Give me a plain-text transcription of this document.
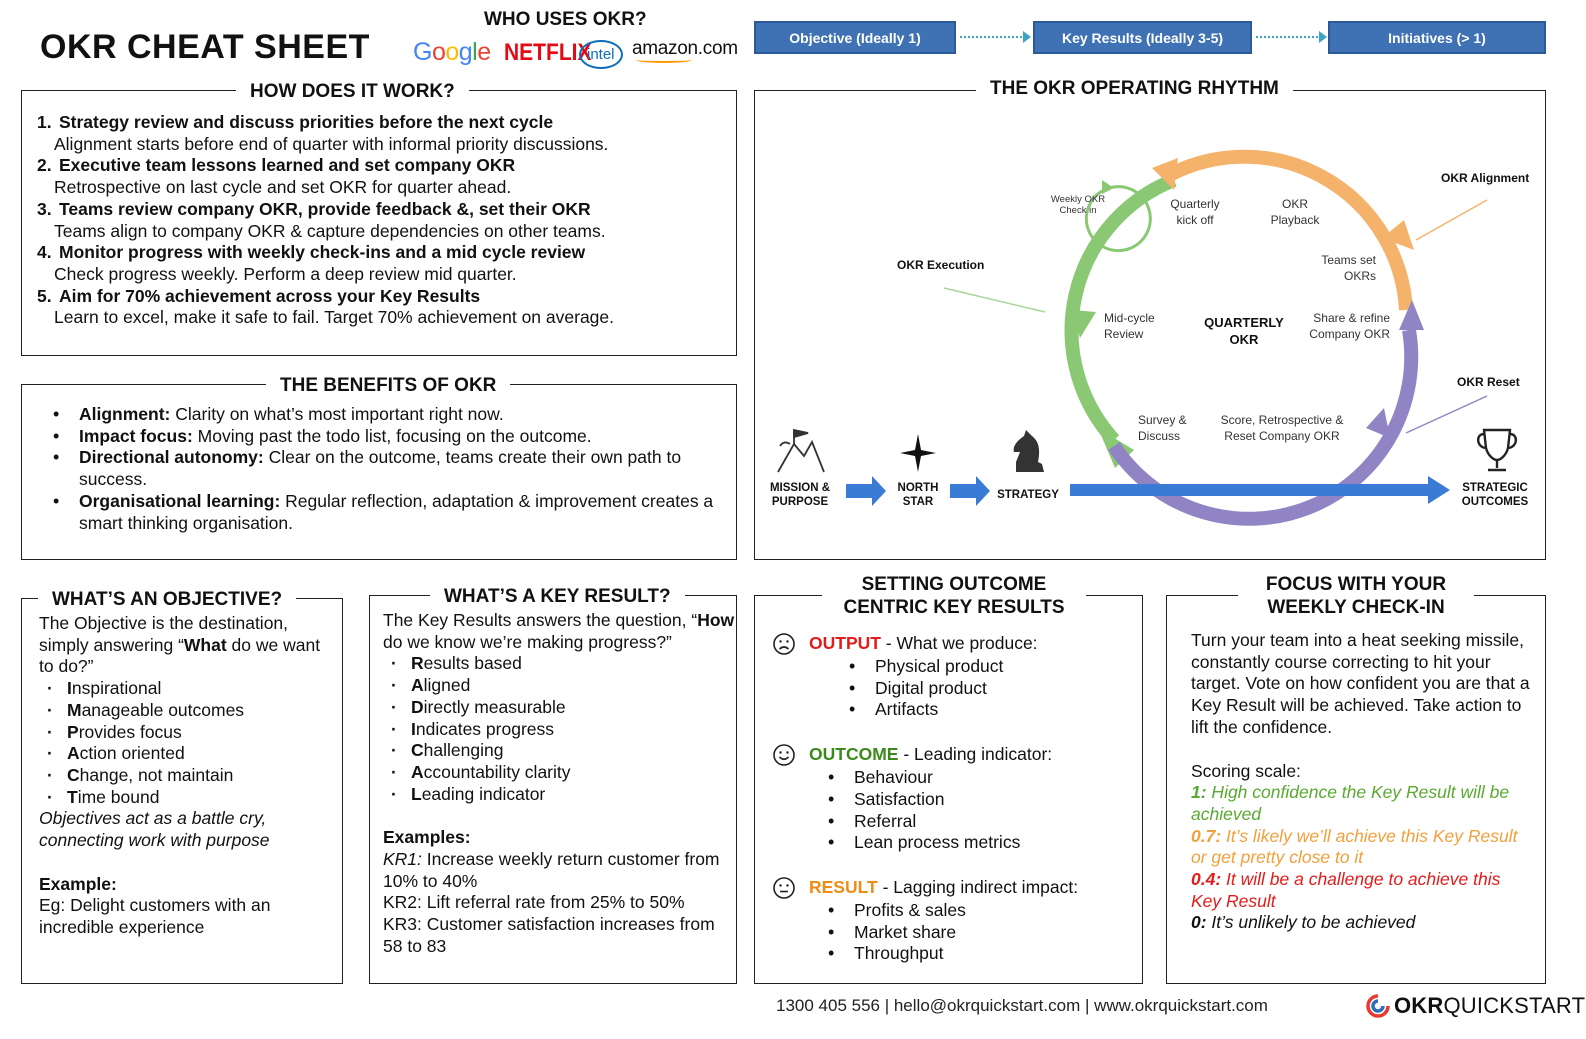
OKR CHEAT SHEET
WHO USES OKR?
Google NETFLIX
intel amazon.com
Objective (Ideally 1)	Key Results (Ideally 3-5)	Initiatives (> 1)
HOW DOES IT WORK?
1. Strategy review and discuss priorities before the next cycle
Alignment starts before end of quarter with informal priority discussions.
2. Executive team lessons learned and set company OKR
Retrospective on last cycle and set OKR for quarter ahead.
3. Teams review company OKR, provide feedback &, set their OKR
Teams align to company OKR & capture dependencies on other teams.
4. Monitor progress with weekly check-ins and a mid cycle review
Check progress weekly. Perform a deep review mid quarter.
5. Aim for 70% achievement across your Key Results
Learn to excel, make it safe to fail. Target 70% achievement on average.
THE BENEFITS OF OKR
• Alignment: Clarity on what’s most important right now.
• Impact focus: Moving past the todo list, focusing on the outcome.
• Directional autonomy: Clear on the outcome, teams create their own path to success.
• Organisational learning: Regular reflection, adaptation & improvement creates a smart thinking organisation.
THE OKR OPERATING RHYTHM
Weekly OKR Check in	Quarterly kick off
OKR Playback
Teams set OKRs
Share & refine Company OKR
Mid-cycle Review
QUARTERLY OKR
Survey & Discuss
Score, Retrospective & Reset Company OKR
OKR Execution
OKR Alignment
OKR Reset
MISSION & PURPOSE
NORTH STAR
STRATEGY
STRATEGIC OUTCOMES
WHAT’S AN OBJECTIVE?
The Objective is the destination, simply answering “What do we want to do?”
· Inspirational
· Manageable outcomes
· Provides focus
· Action oriented
· Change, not maintain
· Time bound
Objectives act as a battle cry, connecting work with purpose
Example:
Eg: Delight customers with an incredible experience
WHAT’S A KEY RESULT?
The Key Results answers the question, “How do we know we’re making progress?”
· Results based
· Aligned
· Directly measurable
· Indicates progress
· Challenging
· Accountability clarity
· Leading indicator
Examples:
KR1: Increase weekly return customer from 10% to 40%
KR2: Lift referral rate from 25% to 50%
KR3: Customer satisfaction increases from 58 to 83
SETTING OUTCOME CENTRIC KEY RESULTS
OUTPUT - What we produce:
• Physical product
• Digital product
• Artifacts
OUTCOME - Leading indicator:
• Behaviour
• Satisfaction
• Referral
• Lean process metrics
RESULT - Lagging indirect impact:
• Profits & sales
• Market share
• Throughput
FOCUS WITH YOUR WEEKLY CHECK-IN
Turn your team into a heat seeking missile, constantly course correcting to hit your target. Vote on how confident you are that a Key Result will be achieved. Take action to lift the confidence.
Scoring scale:
1: High confidence the Key Result will be achieved
0.7: It’s likely we’ll achieve this Key Result or get pretty close to it
0.4: It will be a challenge to achieve this Key Result
0: It’s unlikely to be achieved
1300 405 556 | hello@okrquickstart.com | www.okrquickstart.com	OKR QUICKSTART
